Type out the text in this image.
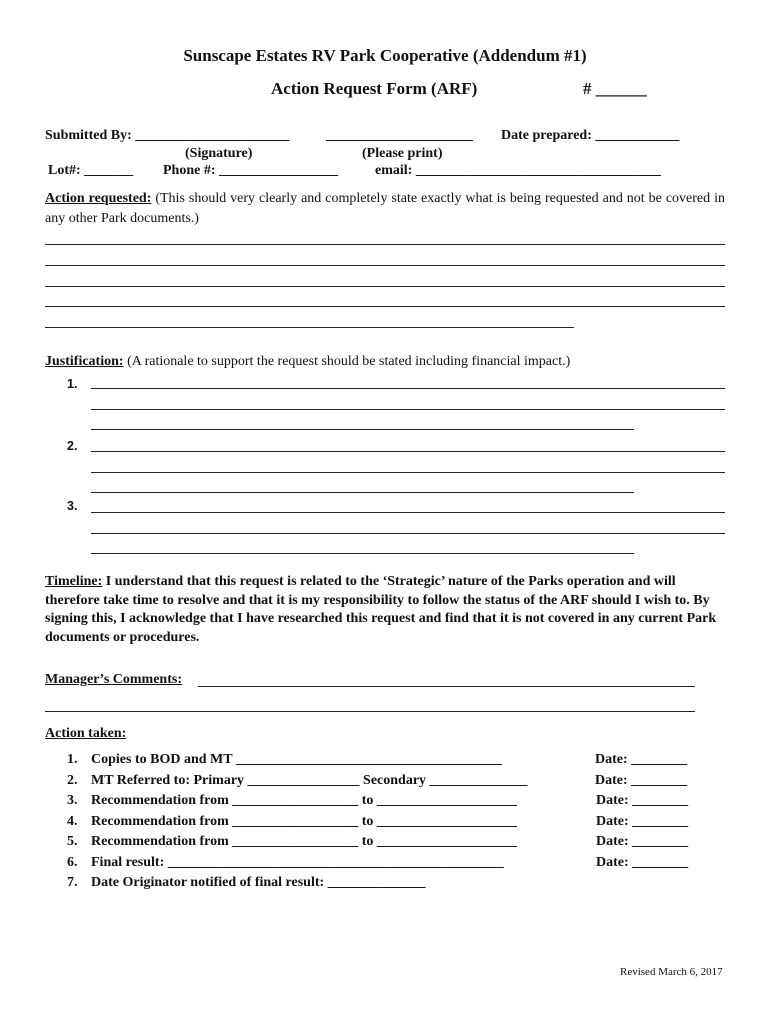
Sunscape Estates RV Park Cooperative (Addendum #1)
Action Request Form (ARF)	# ______
Submitted By: ______________________	_____________________ Date prepared: ____________
(Signature)	(Please print)
Lot#: _______ Phone #: _________________	email: ___________________________________
Action requested: (This should very clearly and completely state exactly what is being requested and not be covered in any other Park documents.)
Justification: (A rationale to support the request should be stated including financial impact.)
1.
2.
3.
Timeline: I understand that this request is related to the ‘Strategic’ nature of the Parks operation and will therefore take time to resolve and that it is my responsibility to follow the status of the ARF should I wish to. By signing this, I acknowledge that I have researched this request and find that it is not covered in any current Park documents or procedures.
Manager’s Comments:
Action taken:
1. Copies to BOD and MT ______________________________________	Date: ________
2. MT Referred to: Primary ________________ Secondary ______________	Date: ________
3. Recommendation from __________________ to ____________________	Date: ________
4. Recommendation from __________________ to ____________________	Date: ________
5. Recommendation from __________________ to ____________________	Date: ________
6. Final result: ________________________________________________	Date: ________
7. Date Originator notified of final result: ______________
Revised March 6, 2017
